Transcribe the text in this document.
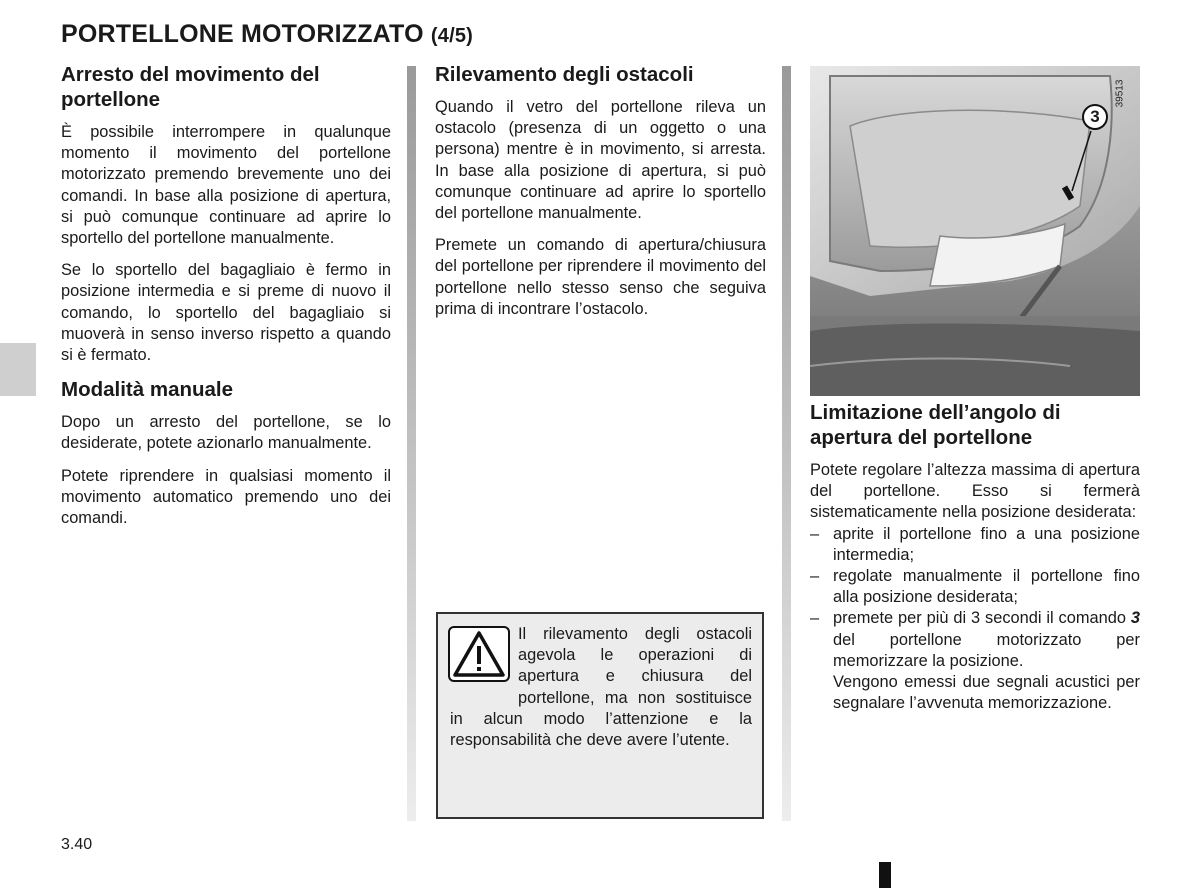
PORTELLONE MOTORIZZATO (4/5)
Arresto del movimento del portellone

È possibile interrompere in qualunque momento il movimento del portellone motorizzato premendo brevemente uno dei comandi. In base alla posizione di apertura, si può comunque continuare ad aprire lo sportello del portellone manualmente.

Se lo sportello del bagagliaio è fermo in posizione intermedia e si preme di nuovo il comando, lo sportello del bagagliaio si muoverà in senso inverso rispetto a quando si è fermato.

Modalità manuale

Dopo un arresto del portellone, se lo desiderate, potete azionarlo manualmente.

Potete riprendere in qualsiasi momento il movimento automatico premendo uno dei comandi.

Rilevamento degli ostacoli

Quando il vetro del portellone rileva un ostacolo (presenza di un oggetto o una persona) mentre è in movimento, si arresta. In base alla posizione di apertura, si può comunque continuare ad aprire lo sportello del portellone manualmente.

Premete un comando di apertura/chiusura del portellone per riprendere il movimento del portellone nello stesso senso che seguiva prima di incontrare l’ostacolo.

Il rilevamento degli ostacoli agevola le operazioni di apertura e chiusura del portellone, ma non sostituisce in alcun modo l’attenzione e la responsabilità che deve avere l’utente.

3
39513
Limitazione dell’angolo di apertura del portellone

Potete regolare l’altezza massima di apertura del portellone. Esso si fermerà sistematicamente nella posizione desiderata:

– aprite il portellone fino a una posizione intermedia;
– regolate manualmente il portellone fino alla posizione desiderata;
– premete per più di 3 secondi il comando 3 del portellone motorizzato per memorizzare la posizione.
Vengono emessi due segnali acustici per segnalare l’avvenuta memorizzazione.
3.40
